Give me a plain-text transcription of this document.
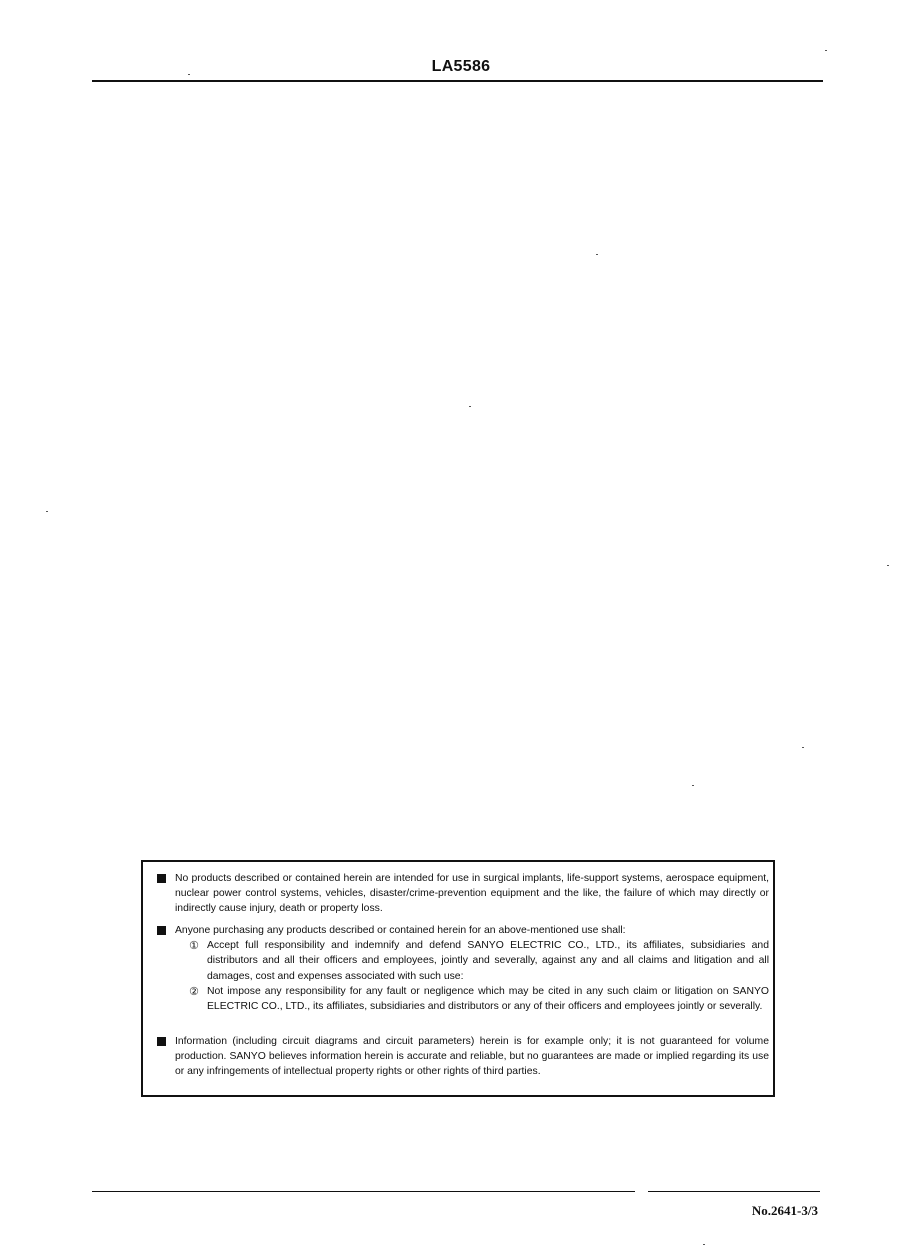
LA5586
No products described or contained herein are intended for use in surgical implants, life-support systems, aerospace equipment, nuclear power control systems, vehicles, disaster/crime-prevention equipment and the like, the failure of which may directly or indirectly cause injury, death or property loss.
Anyone purchasing any products described or contained herein for an above-mentioned use shall:
① Accept full responsibility and indemnify and defend SANYO ELECTRIC CO., LTD., its affiliates, subsidiaries and distributors and all their officers and employees, jointly and severally, against any and all claims and litigation and all damages, cost and expenses associated with such use:
② Not impose any responsibility for any fault or negligence which may be cited in any such claim or litigation on SANYO ELECTRIC CO., LTD., its affiliates, subsidiaries and distributors or any of their officers and employees jointly or severally.
Information (including circuit diagrams and circuit parameters) herein is for example only; it is not guaranteed for volume production. SANYO believes information herein is accurate and reliable, but no guarantees are made or implied regarding its use or any infringements of intellectual property rights or other rights of third parties.
No.2641-3/3
